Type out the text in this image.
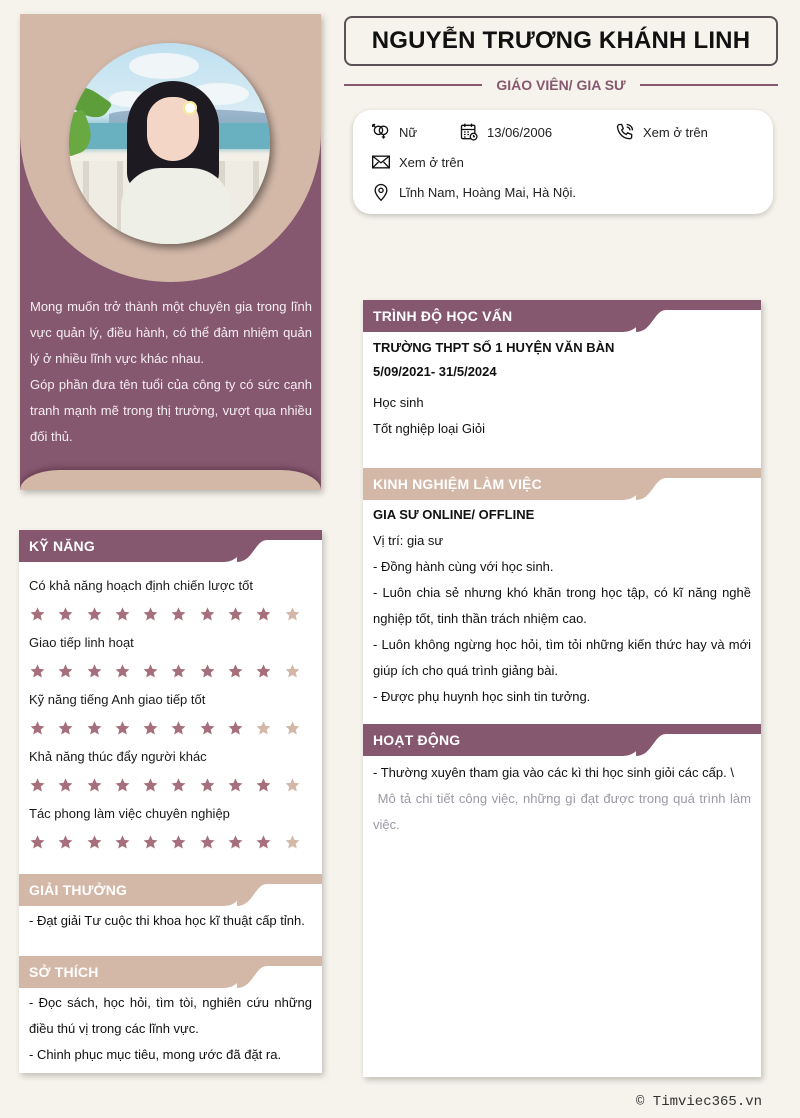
Mong muốn trở thành một chuyên gia trong lĩnh vực quản lý, điều hành, có thể đảm nhiệm quản lý ở nhiều lĩnh vực khác nhau.
Góp phần đưa tên tuổi của công ty có sức cạnh tranh mạnh mẽ trong thị trường, vượt qua nhiều đối thủ.
NGUYỄN TRƯƠNG KHÁNH LINH
GIÁO VIÊN/ GIA SƯ
Nữ	13/06/2006	Xem ở trên
Xem ở trên
Lĩnh Nam, Hoàng Mai, Hà Nội.
KỸ NĂNG
Có khả năng hoạch định chiến lược tốt
Giao tiếp linh hoạt
Kỹ năng tiếng Anh giao tiếp tốt
Khả năng thúc đẩy người khác
Tác phong làm việc chuyên nghiệp
GIẢI THƯỞNG
- Đạt giải Tư cuộc thi khoa học kĩ thuật cấp tỉnh.
SỞ THÍCH
- Đọc sách, học hỏi, tìm tòi, nghiên cứu những điều thú vị trong các lĩnh vực.
- Chinh phục mục tiêu, mong ước đã đặt ra.
TRÌNH ĐỘ HỌC VẤN
TRƯỜNG THPT SỐ 1 HUYỆN VĂN BÀN
5/09/2021- 31/5/2024
Học sinh
Tốt nghiệp loại Giỏi
KINH NGHIỆM LÀM VIỆC
GIA SƯ ONLINE/ OFFLINE
Vị trí: gia sư
- Đồng hành cùng với học sinh.
- Luôn chia sẻ nhưng khó khăn trong học tập, có kĩ năng nghề nghiệp tốt, tinh thần trách nhiệm cao.
- Luôn không ngừng học hỏi, tìm tỏi những kiến thức hay và mới giúp ích cho quá trình giảng bài.
- Được phụ huynh học sinh tin tưởng.
HOẠT ĐỘNG
- Thường xuyên tham gia vào các kì thi học sinh giỏi các cấp. \
Mô tả chi tiết công việc, những gì đạt được trong quá trình làm việc.
© Timviec365.vn
